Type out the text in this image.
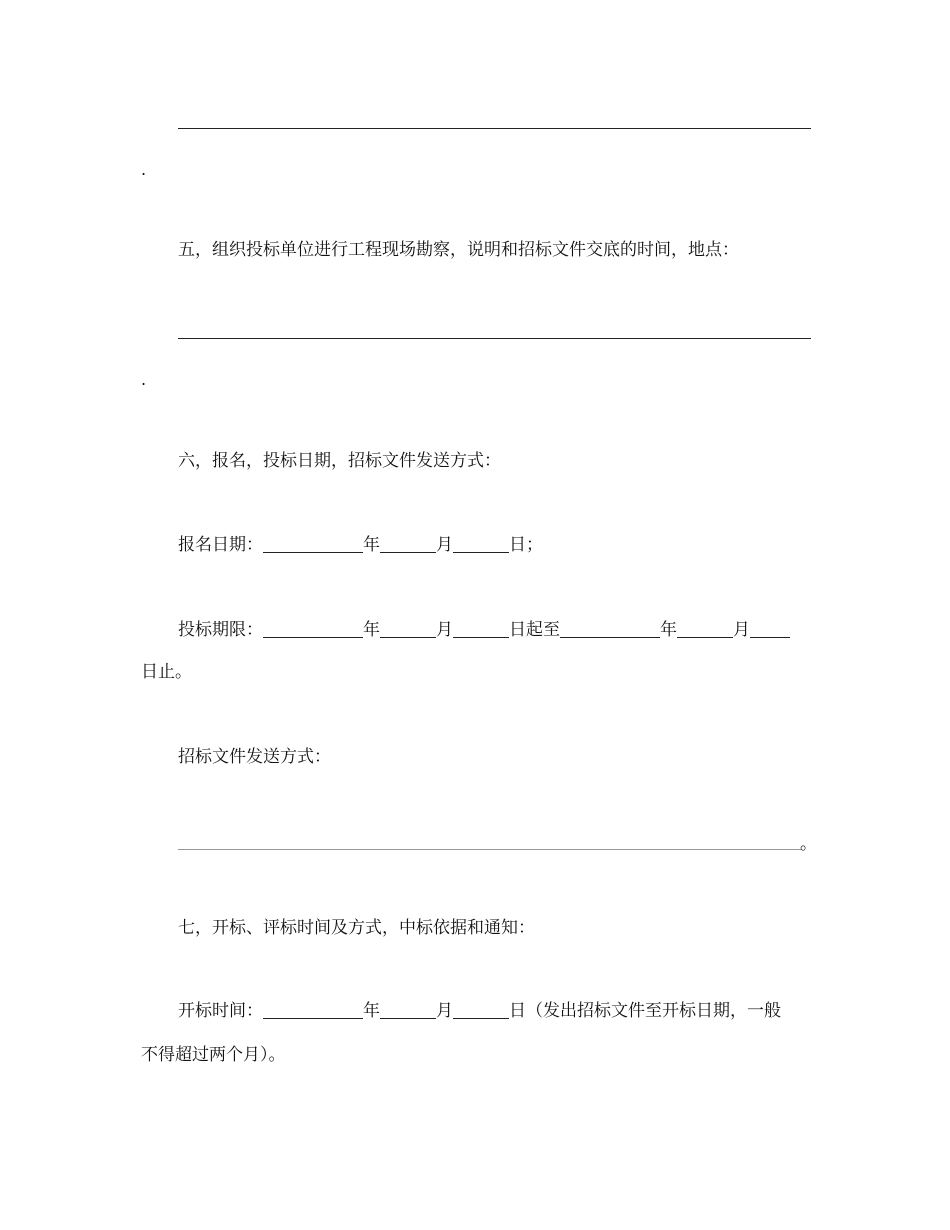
.
五，组织投标单位进行工程现场勘察，说明和招标文件交底的时间，地点：
.
六，报名，投标日期，招标文件发送方式：
报名日期：	年	月	日；
投标期限：	年	月	日起至	年	月
日止。
招标文件发送方式：
。
七，开标、评标时间及方式，中标依据和通知：
开标时间：	年	月	日（发出招标文件至开标日期，一般
不得超过两个月）。
